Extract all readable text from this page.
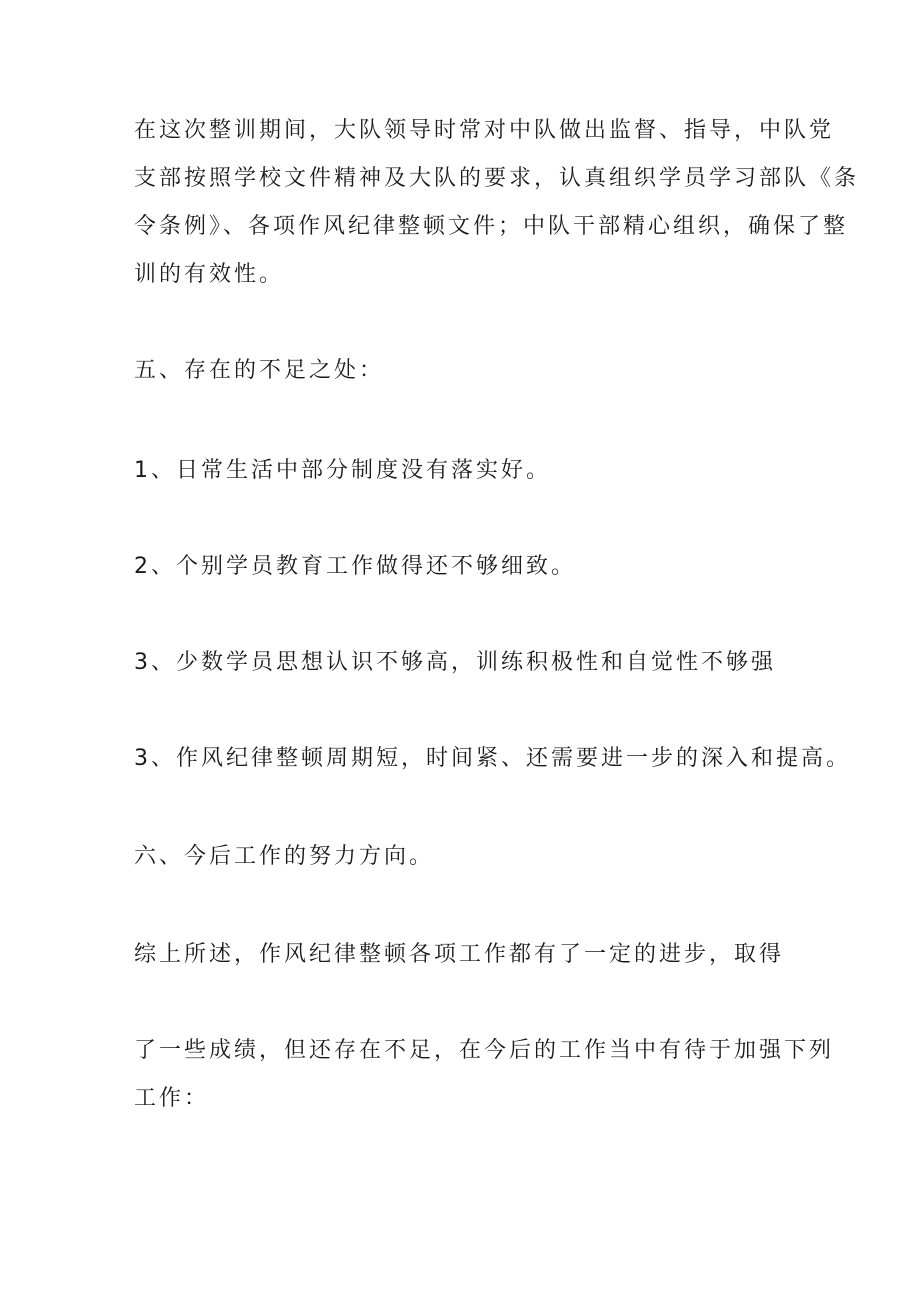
在这次整训期间，大队领导时常对中队做出监督、指导，中队党
支部按照学校文件精神及大队的要求，认真组织学员学习部队《条
令条例》、各项作风纪律整顿文件；中队干部精心组织，确保了整
训的有效性。
五、存在的不足之处：
1、日常生活中部分制度没有落实好。
2、个别学员教育工作做得还不够细致。
3、少数学员思想认识不够高，训练积极性和自觉性不够强
3、作风纪律整顿周期短，时间紧、还需要进一步的深入和提高。
六、今后工作的努力方向。
综上所述，作风纪律整顿各项工作都有了一定的进步，取得
了一些成绩，但还存在不足，在今后的工作当中有待于加强下列
工作：
